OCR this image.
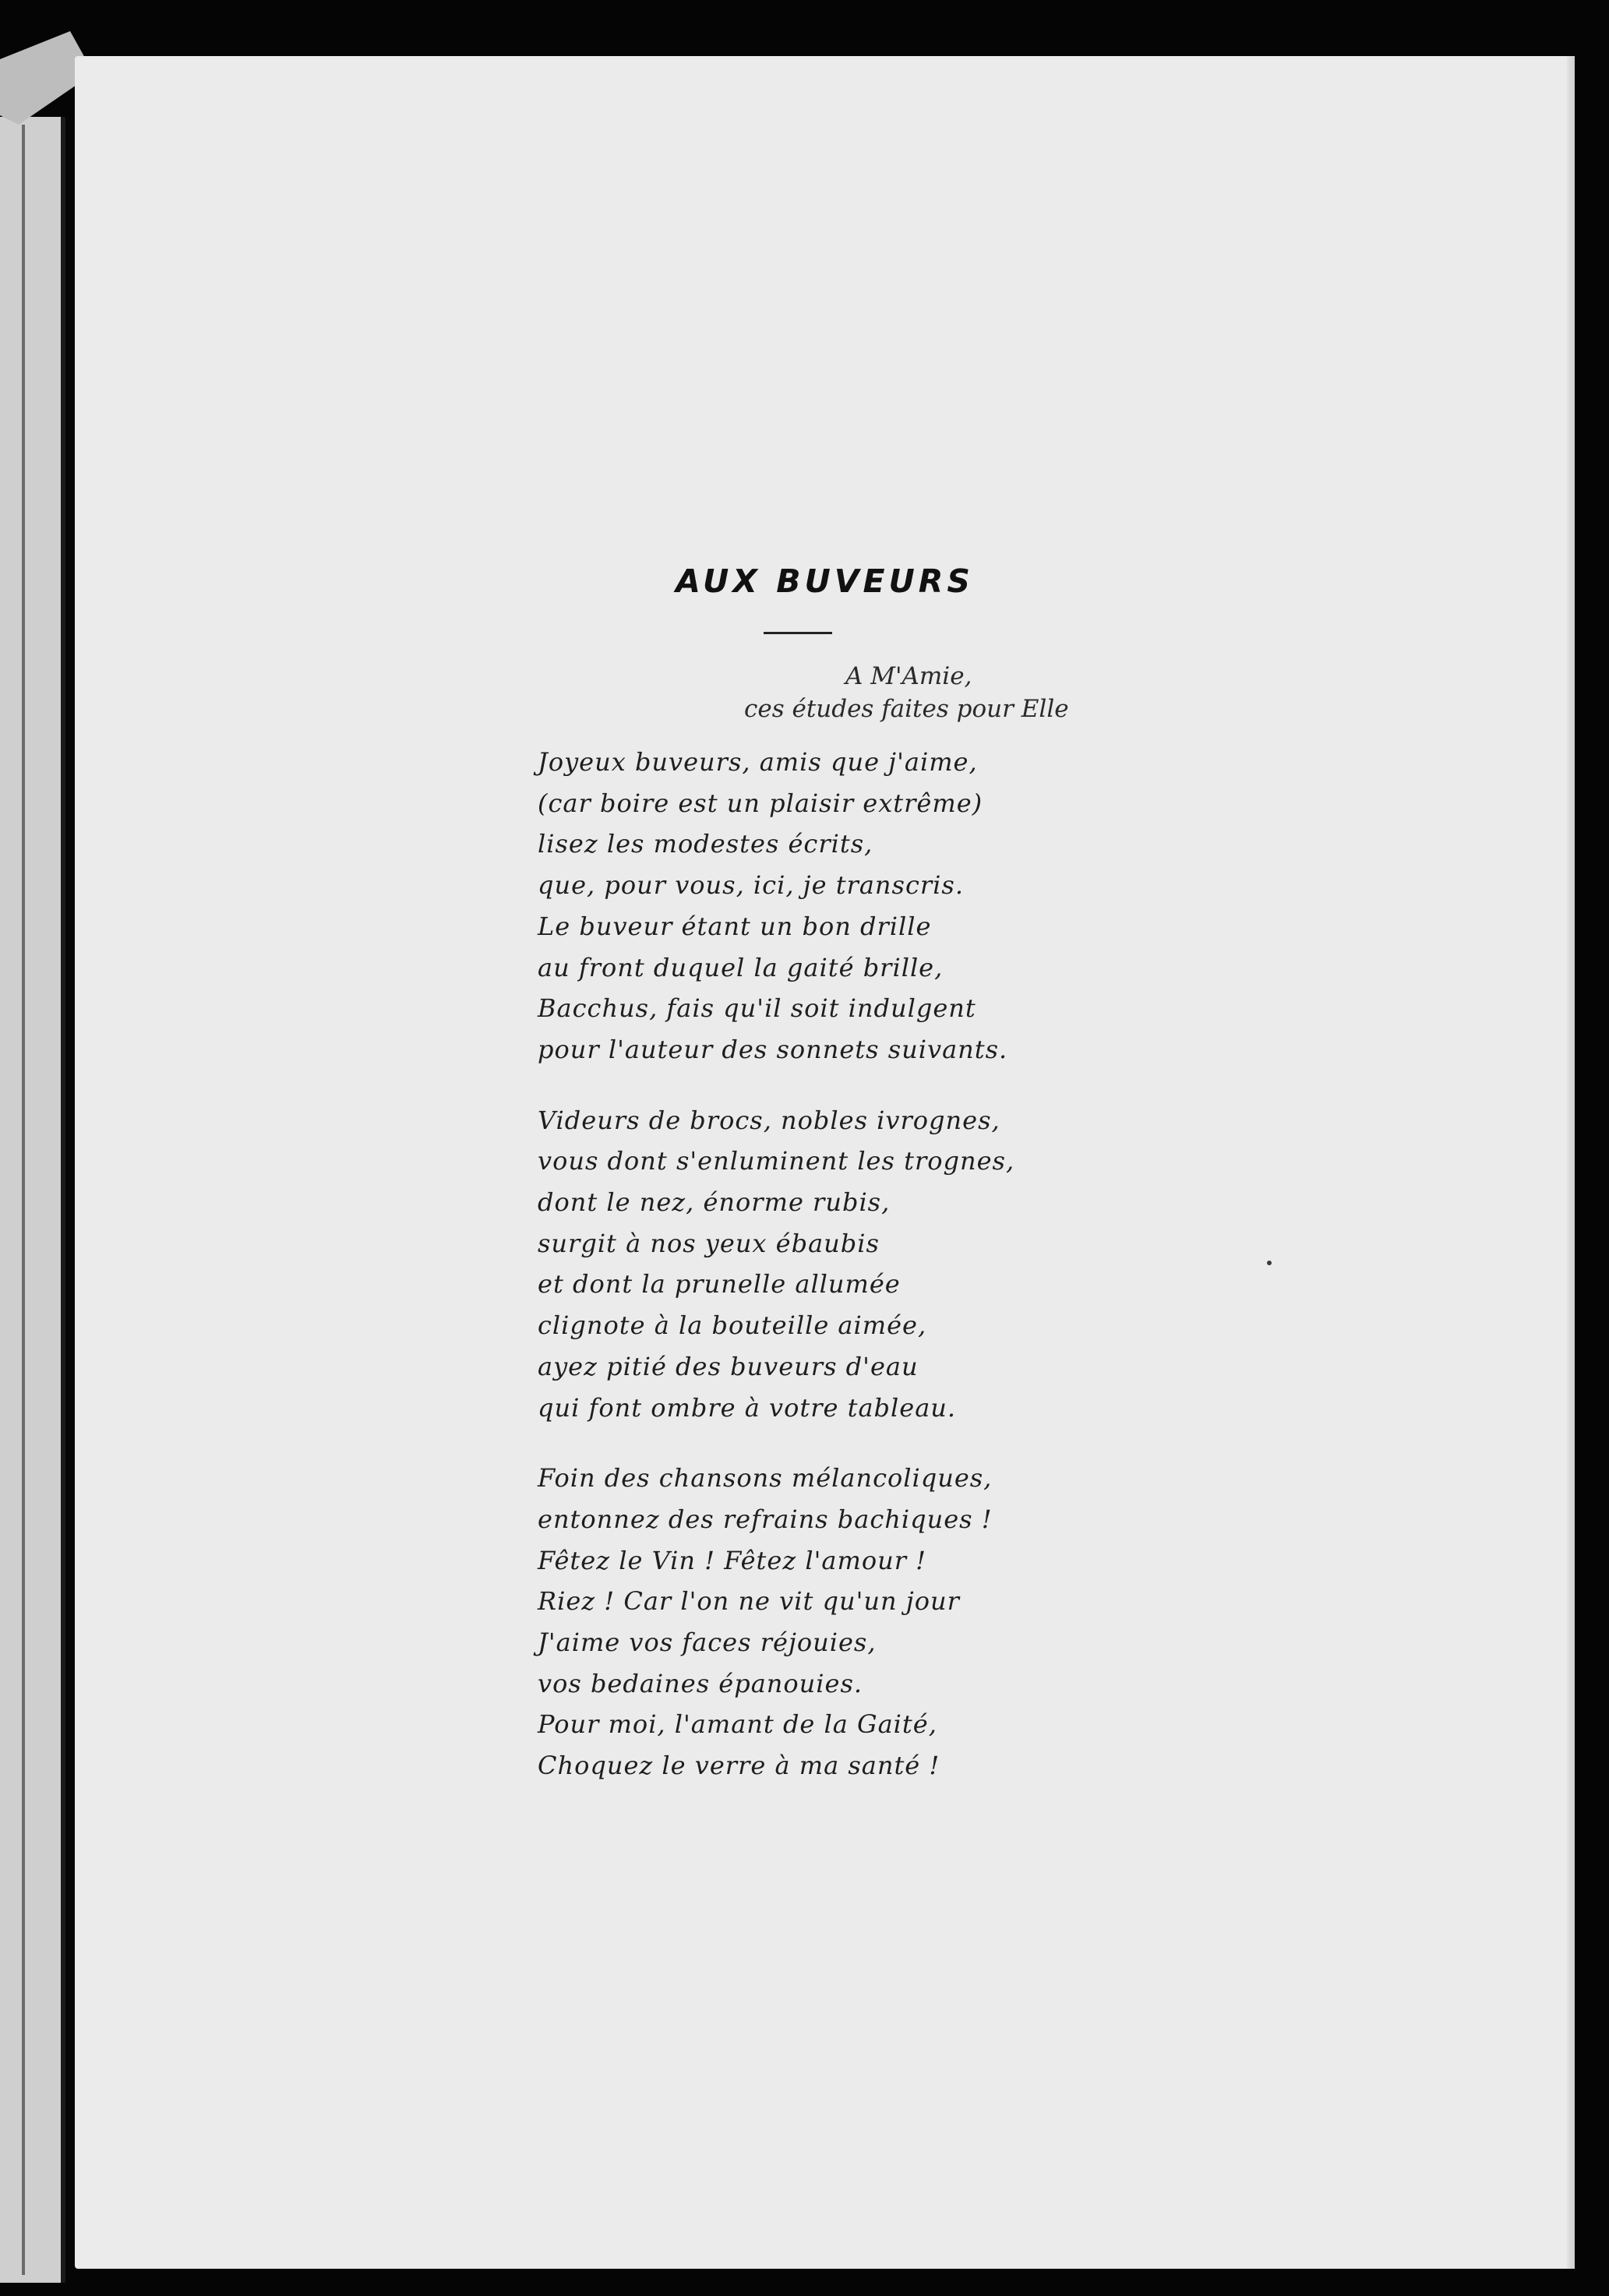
AUX BUVEURS
A M'Amie,
ces études faites pour Elle
Joyeux buveurs, amis que j'aime,
(car boire est un plaisir extrême)
lisez les modestes écrits,
que, pour vous, ici, je transcris.
Le buveur étant un bon drille
au front duquel la gaité brille,
Bacchus, fais qu'il soit indulgent
pour l'auteur des sonnets suivants.
Videurs de brocs, nobles ivrognes,
vous dont s'enluminent les trognes,
dont le nez, énorme rubis,
surgit à nos yeux ébaubis
et dont la prunelle allumée
clignote à la bouteille aimée,
ayez pitié des buveurs d'eau
qui font ombre à votre tableau.
Foin des chansons mélancoliques,
entonnez des refrains bachiques !
Fêtez le Vin ! Fêtez l'amour !
Riez ! Car l'on ne vit qu'un jour
J'aime vos faces réjouies,
vos bedaines épanouies.
Pour moi, l'amant de la Gaité,
Choquez le verre à ma santé !
